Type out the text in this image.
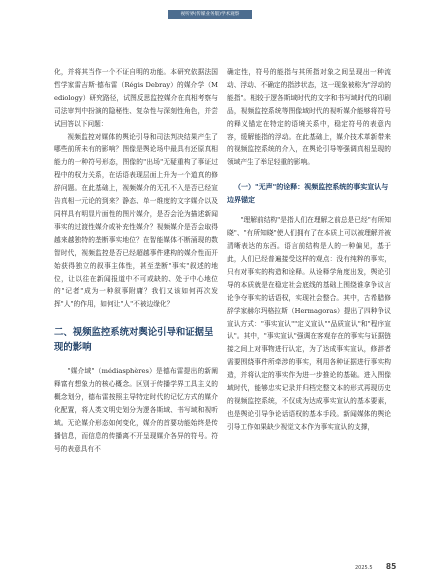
视听界(传媒业务版)学术观察

化，并将其当作一个不证自明的功能。本研究依据法国哲学家雷吉斯·德布雷（Régis Debray）的媒介学（Mediology）研究路径，试图反思监控媒介在真相考察与司法审判中扮演的隐秘性、复杂性与深刻性角色，并尝试回答以下问题：

视频监控对媒体的舆论引导和司法判决结果产生了哪些前所未有的影响？图像是舆论场中最具有还原真相能力的一种符号形态，图像的"出场"无疑重构了事证过程中的权力关系，在话语表现层面上升为一个道真的修辞问题。在此基础上，视频媒介的无孔不入是否已经宣告真相一元论的到来？静态、单一维度的文字媒介以及同样具有明显片面性的图片媒介，是否会沦为描述新闻事实的过渡性媒介或补充性媒介？视频媒介是否会取得越来越独特的垄断事实地位？在智能媒体不断涌现的数智时代，视频监控是否已经超越事件建构的媒介性而开始获得独立的叙事主体性，甚至垄断"事实"叙述的地位，让以往在新闻报道中不可或缺的、处于中心地位的"记者"成为一种叙事附庸？我们又该如何再次发挥"人"的作用，如何让"人"不被边缘化？

二、视频监控系统对舆论引导和证据呈现的影响

"媒介域"（médiasphères）是德布雷提出的新阐释富有想象力的核心概念。区别于传播学界工具主义的概念划分，德布雷按照主导特定时代的记忆方式的媒介化配置，将人类文明史划分为逻各斯域、书写域和视听域。无论媒介形态如何变化，媒介的首要功能始终是传播信息，而信息的传播离不开呈现媒介各异的符号。符号的表意具有不

确定性，符号的能指与其所指对象之间呈现出一种流动、浮动、不确定的指涉状态，这一现象被称为"浮动的能指"。相较于逻各斯域时代的文字和书写域时代的印刷品，视频监控系统等图像域时代的视听媒介能够将符号的释义锚定在特定的语境关系中，稳定符号的表意内容，缓解能指的浮动。在此基础上，媒介技术革新带来的视频监控系统的介入，在舆论引导等强调真相呈现的领域产生了举足轻重的影响。

（一）"无声"的诠释：视频监控系统的事实宣认与边界锚定

"理解前结构"是指人们在理解之前总是已经"有所知晓"、"有所知晓"使人们拥有了在本质上可以被理解并被清晰表达的东西。语言前结构是人的一种偏见，基于此，人们已经普遍接受这样的观点：没有纯粹的事实，只有对事实的构造和诠释。从诠释学角度出发，舆论引导的本质就是在稳定社会底线的基础上围绕谁拿争议言论争夺事实的话语权，实现社会整合。其中，古希腊修辞学家赫尔玛格拉斯（Hermagoras）提出了四种争议宣认方式："事实宣认""定义宣认""品质宣认"和"程序宣认"。其中，"事实宣认"强调在客观存在的事实与证据链接之间上对事物进行认定，为了达成事实宣认，修辞者需要围绕事件所牵涉的事实，利用各种证据进行事实构造，并将认定的事实作为进一步推论的基础。进入图像域时代，能够忠实记录并归档完整文本的形式再现历史的视频监控系统，不仅成为达成事实宣认的基本要素，也是舆论引导争论话语权的基本手段。新闻媒体的舆论引导工作如果缺少视觉文本作为事实宣认的支撑，

2025.5 85
